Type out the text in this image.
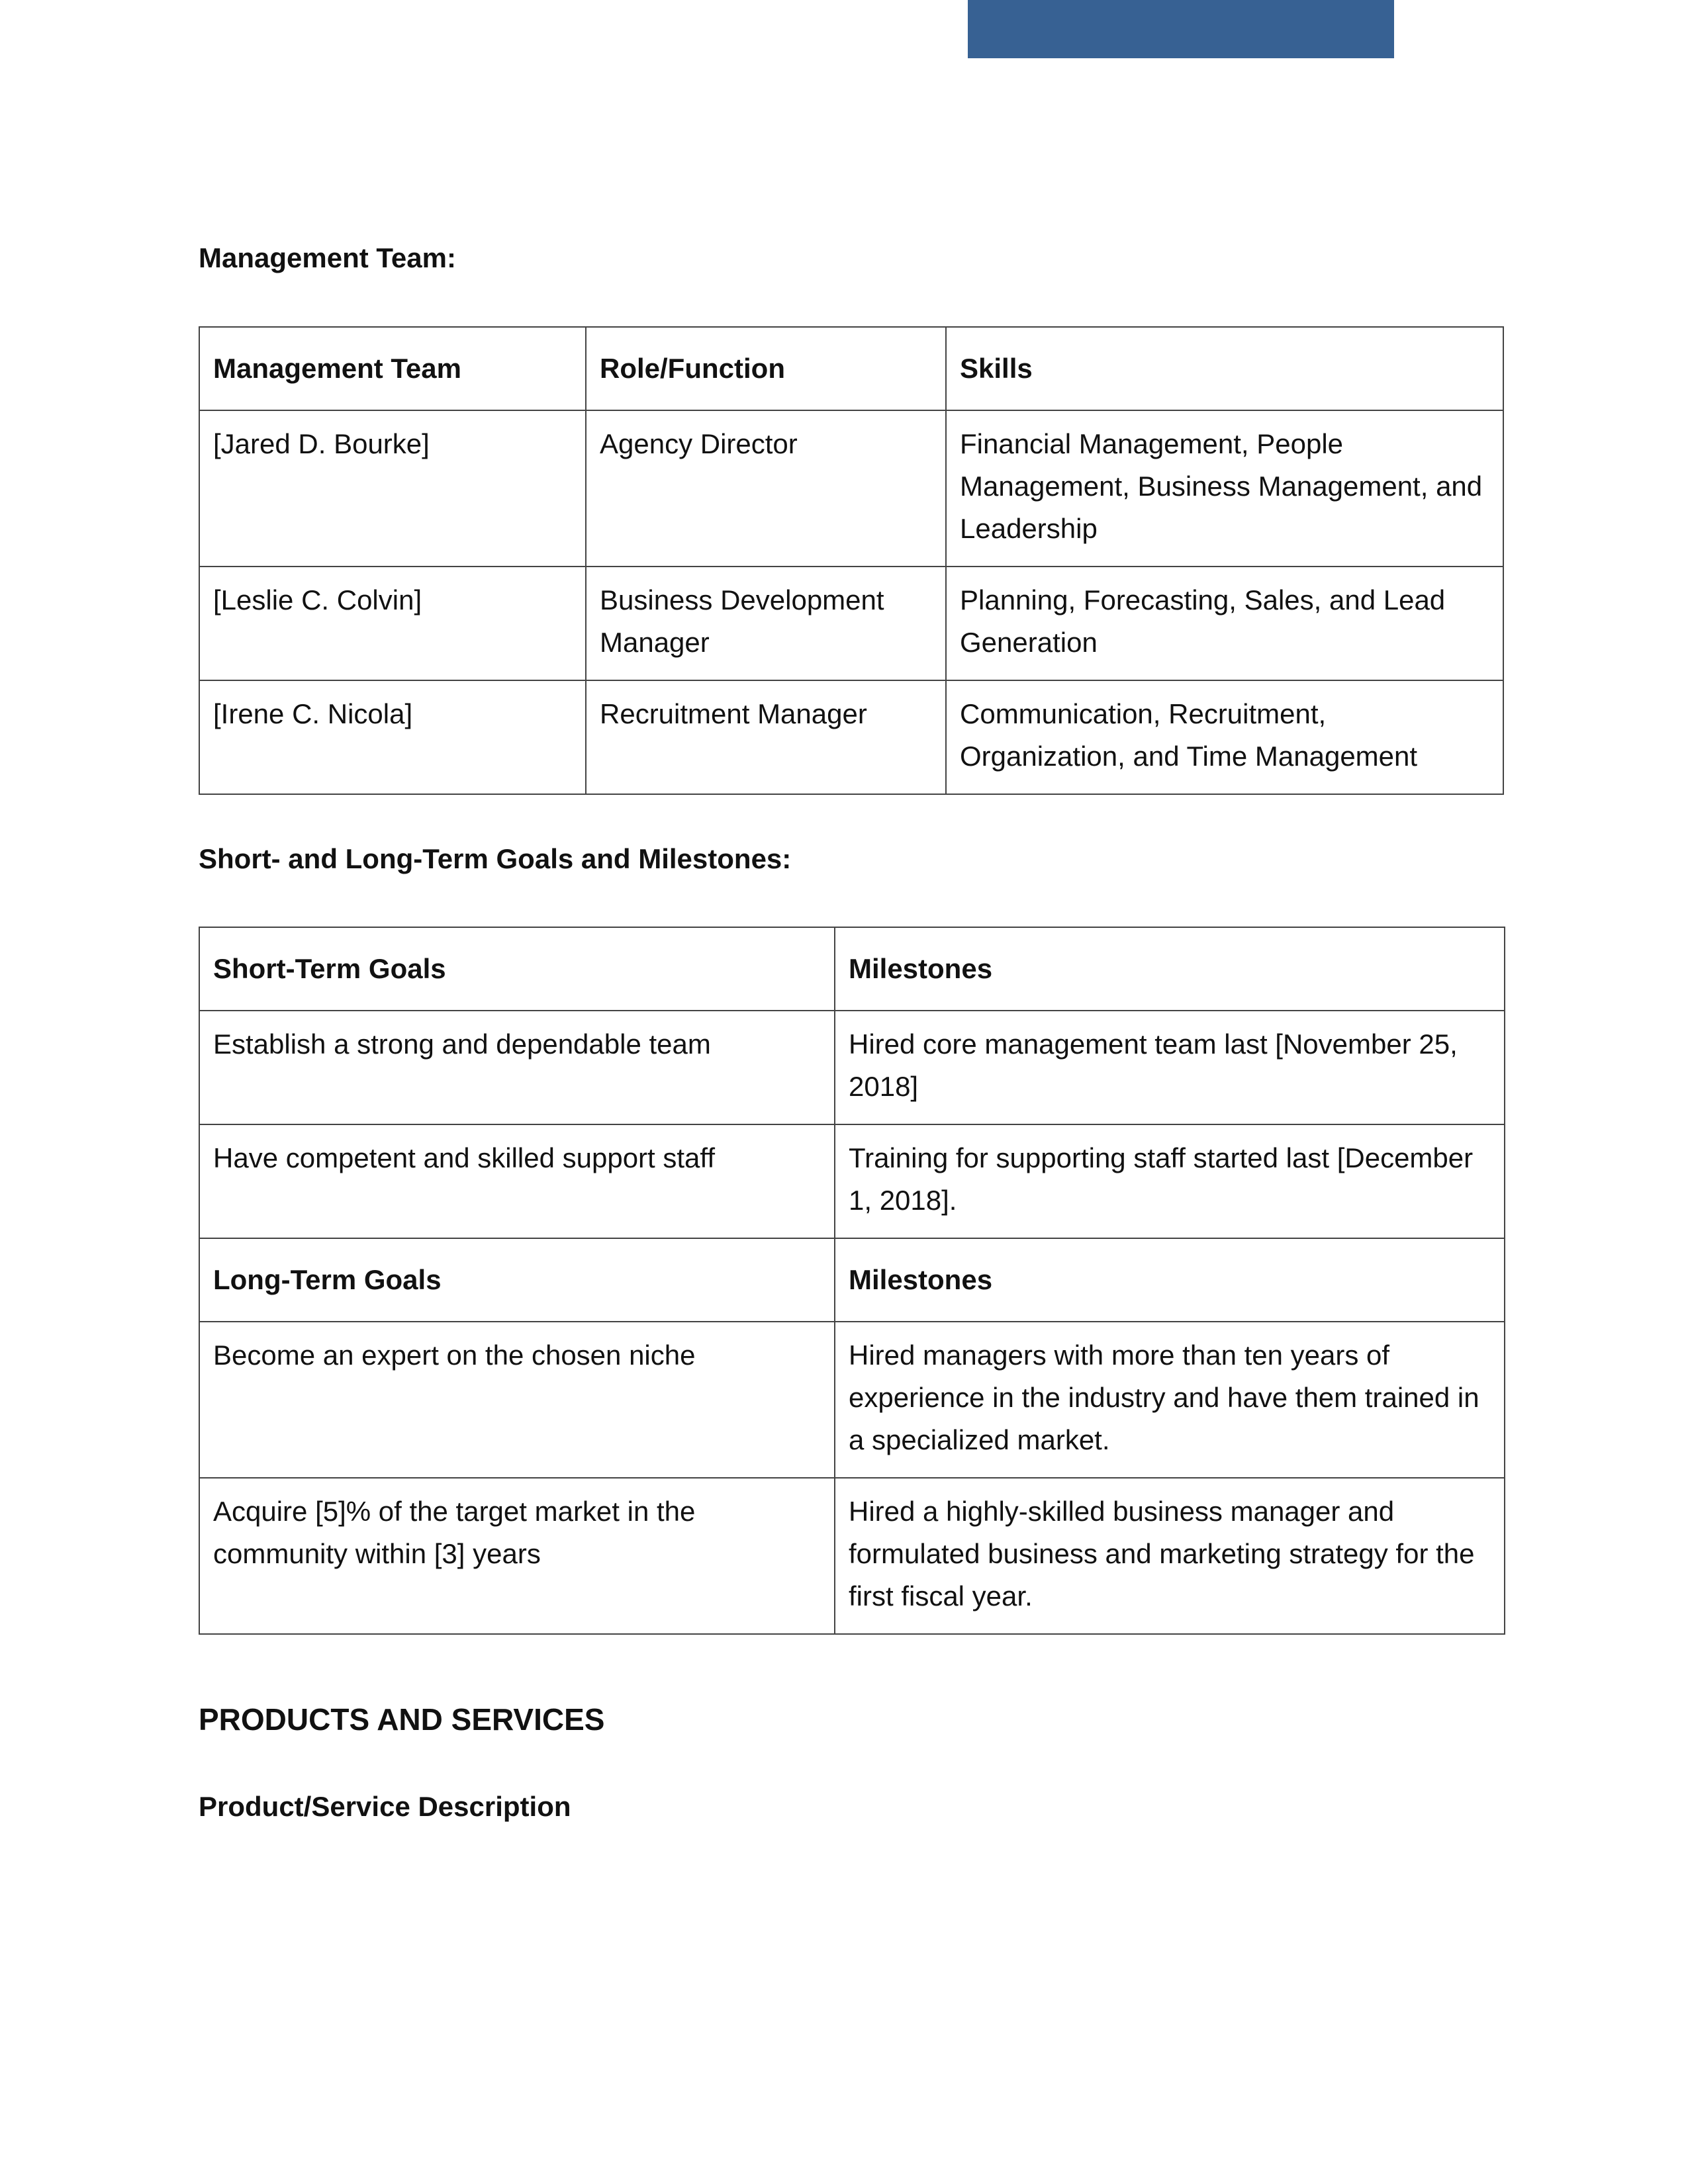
Management Team:
Management Team	Role/Function	Skills
[Jared D. Bourke]	Agency Director	Financial Management, People Management, Business Management, and Leadership
[Leslie C. Colvin]	Business Development Manager	Planning, Forecasting, Sales, and Lead Generation
[Irene C. Nicola]	Recruitment Manager	Communication, Recruitment, Organization, and Time Management
Short- and Long-Term Goals and Milestones:
Short-Term Goals	Milestones
Establish a strong and dependable team	Hired core management team last [November 25, 2018]
Have competent and skilled support staff	Training for supporting staff started last [December 1, 2018].
Long-Term Goals	Milestones
Become an expert on the chosen niche	Hired managers with more than ten years of experience in the industry and have them trained in a specialized market.
Acquire [5]% of the target market in the community within [3] years	Hired a highly-skilled business manager and formulated business and marketing strategy for the first fiscal year.
PRODUCTS AND SERVICES
Product/Service Description
